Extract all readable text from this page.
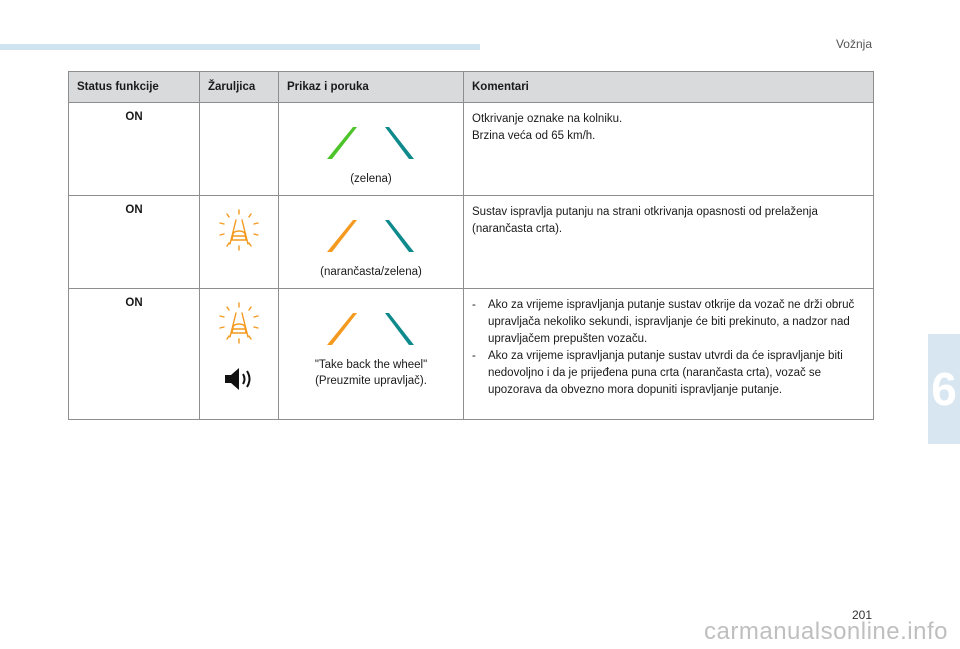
Vožnja
Status funkcije	Žaruljica	Prikaz i poruka	Komentari
ON		(zelena)	Otkrivanje oznake na kolniku.
Brzina veća od 65 km/h.

ON		(narančasta/zelena)	Sustav ispravlja putanju na strani otkrivanja opasnosti od prelaženja (narančasta crta).

ON		"Take back the wheel" (Preuzmite upravljač).	- Ako za vrijeme ispravljanja putanje sustav otkrije da vozač ne drži obruč upravljača nekoliko sekundi, ispravljanje će biti prekinuto, a nadzor nad upravljačem prepušten vozaču.
- Ako za vrijeme ispravljanja putanje sustav utvrdi da će ispravljanje biti nedovoljno i da je prijeđena puna crta (narančasta crta), vozač se upozorava da obvezno mora dopuniti ispravljanje putanje.	6
201
carmanualsonline.info
